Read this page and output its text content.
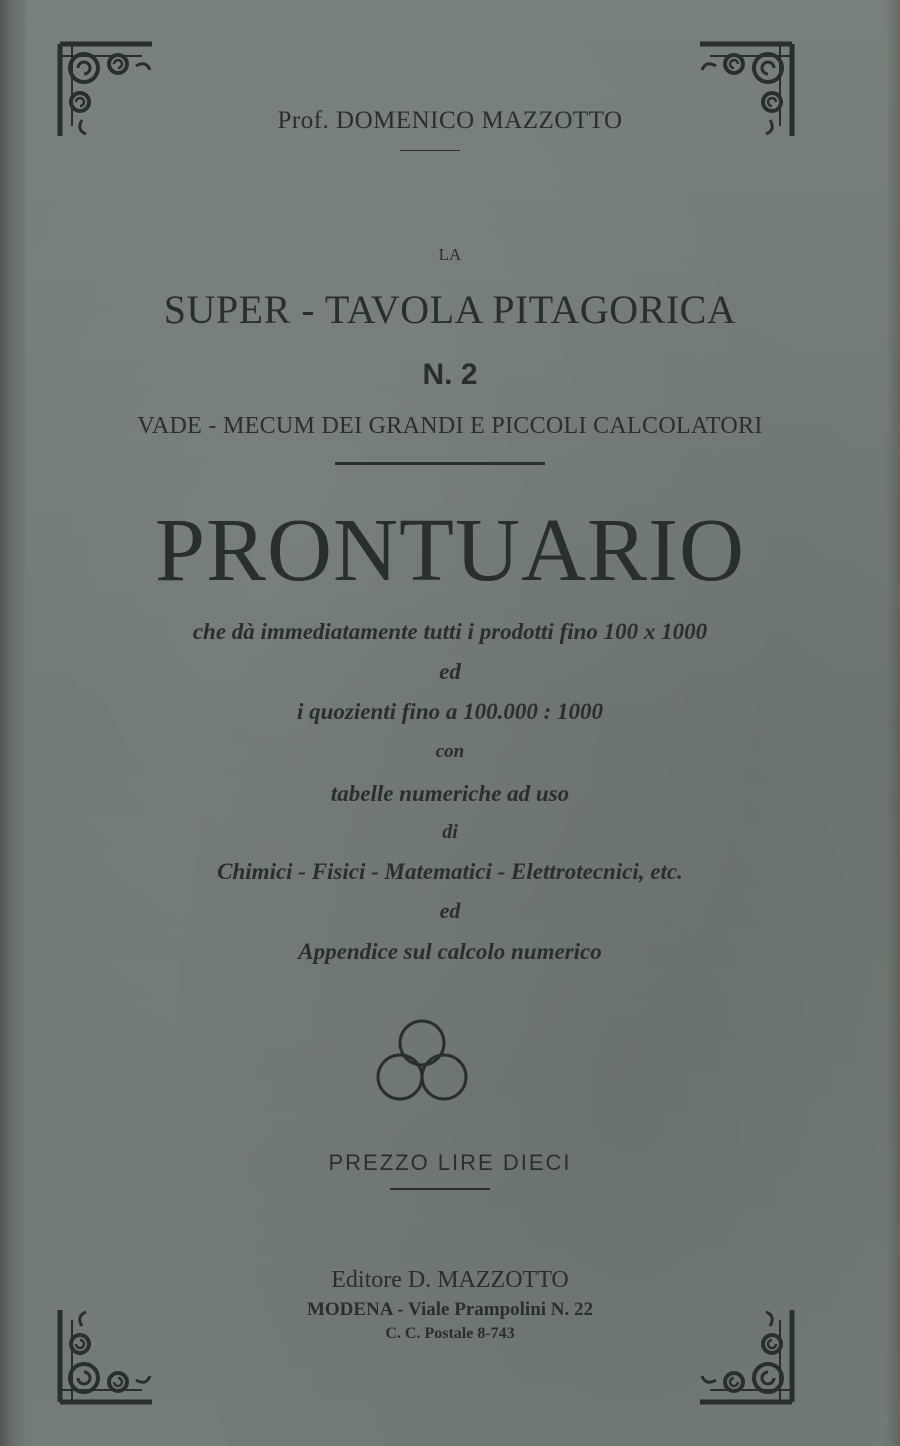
Prof. DOMENICO MAZZOTTO
LA
SUPER - TAVOLA PITAGORICA
N. 2
VADE - MECUM DEI GRANDI E PICCOLI CALCOLATORI
PRONTUARIO
che dà immediatamente tutti i prodotti fino 100 x 1000
ed
i quozienti fino a 100.000 : 1000
con
tabelle numeriche ad uso
di
Chimici - Fisici - Matematici - Elettrotecnici, etc.
ed
Appendice sul calcolo numerico
PREZZO LIRE DIECI
Editore D. MAZZOTTO
MODENA - Viale Prampolini N. 22
C. C. Postale 8-743
